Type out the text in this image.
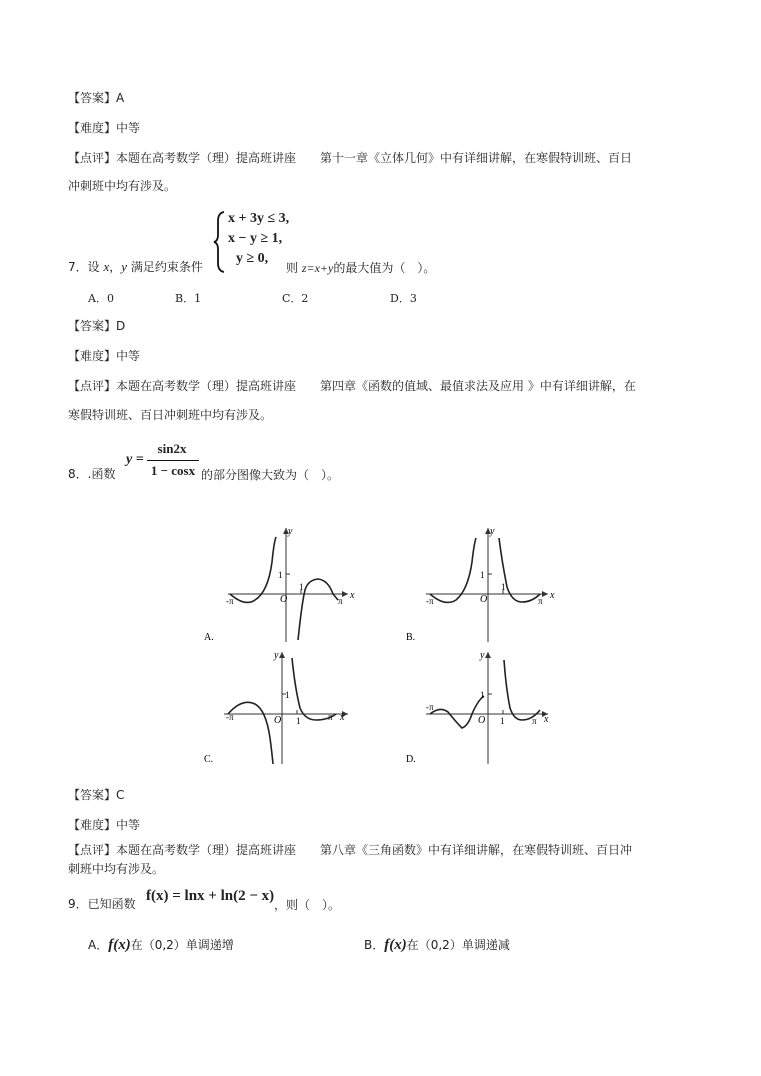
【答案】A
【难度】中等
【点评】本题在高考数学（理）提高班讲座　　第十一章《立体几何》中有详细讲解，在寒假特训班、百日
冲刺班中均有涉及。
x + 3y ≤ 3,
x − y ≥ 1,
y ≥ 0,
7．设 x，y 满足约束条件	则 z=x+y的最大值为（　）。
A．0	B．1	C．2	D．3
【答案】D
【难度】中等
【点评】本题在高考数学（理）提高班讲座　　第四章《函数的值域、最值求法及应用 》中有详细讲解，在
寒假特训班、百日冲刺班中均有涉及。
8．.函数
y =
sin2x
1 − cosx 的部分图像大致为（　）。
O
y
x
1
1
-π	π
A.
O
y
x
1
1
-π	π
B.
O
y
x
1
1
-π	π
C.
O
y
x
1
1
-π
π
D.
【答案】C
【难度】中等
【点评】本题在高考数学（理）提高班讲座　　第八章《三角函数》中有详细讲解，在寒假特训班、百日冲
刺班中均有涉及。
9．已知函数 f(x) = lnx + ln(2 − x)
，则（　）。
A．f(x)在（0,2）单调递增	B．f(x)在（0,2）单调递减
